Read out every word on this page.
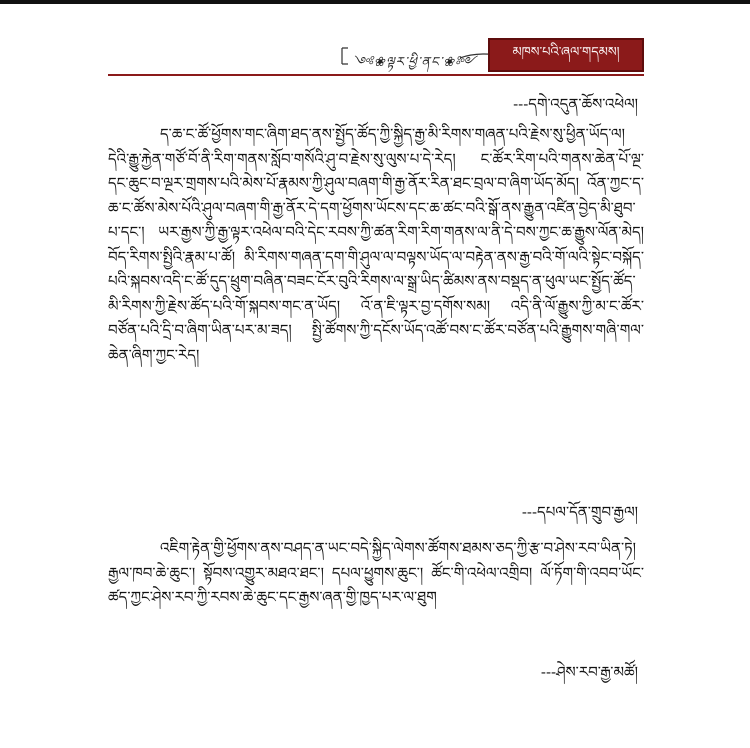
༺❀ལྟར་ཕྱི་ནང་❀༻
མཁས་པའི་ཞལ་གདམས།
---དགེ་འདུན་ཆོས་འཕེལ།
ད་ཆ་ང་ཚོ་ཕྱོགས་གང་ཞིག་ཐད་ནས་སྤྱོད་ཚོད་ཀྱི་སྐྱིད་རྒྱ་མི་རིགས་གཞན་པའི་རྗེས་སུ་ཕྱིན་ཡོད་ལ། དེའི་རྒྱུ་རྐྱེན་གཙོ་བོ་ནི་རིག་གནས་སློབ་གསོའི་ཤུ་བ་རྗེས་སུ་ལུས་པ་དེ་རེད། ང་ཚོར་རིག་པའི་གནས་ཆེན་པོ་ལྔ་དང་ཆུང་བ་ལྔར་གྲགས་པའི་མེས་པོ་རྣམས་ཀྱི་ཤུལ་བཞག་གི་རྒྱ་ནོར་རིན་ཐང་བྲལ་བ་ཞིག་ཡོད་མོད། འོན་ཀྱང་ད་ཆ་ང་ཚོས་མེས་པོའི་ཤུལ་བཞག་གི་རྒྱ་ནོར་དེ་དག་ཕྱོགས་ཡོངས་དང་ཆ་ཚང་བའི་སྒོ་ནས་རྒྱུན་འཛིན་བྱེད་མི་ཐུབ་པ་དང་། ཡར་རྒྱས་ཀྱི་རྒྱ་ལྟར་འཕེལ་བའི་དེང་རབས་ཀྱི་ཚན་རིག་རིག་གནས་ལ་ནི་དེ་བས་ཀྱང་ཆ་རྒྱུས་ལོན་མེད། བོད་རིགས་སྤྱིའི་རྣམ་པ་ཚོ། མི་རིགས་གཞན་དག་གི་ཤུལ་ལ་བལྟས་ཡོད་ལ་བརྟེན་ནས་རྒྱ་བའི་གོ་ལའི་སྟེང་བསྐོད་པའི་སྐབས་འདི་ང་ཚོ་དུད་ཕྲུག་བཞིན་བཟང་ངོར་བུའི་རིགས་ལ་སྒྲ་ཡིད་ཚིམས་ནས་བསྡད་ན་ཕུལ་ཡང་སྤྱོད་ཚོད་མི་རིགས་ཀྱི་རྗེས་ཚོད་པའི་གོ་སྐབས་གང་ན་ཡོད། འོ་ན་ཇི་ལྟར་བྱ་དགོས་སམ། འདི་ནི་ལོ་རྒྱུས་ཀྱི་མ་ང་ཚོར་བཙོན་པའི་དྲི་བ་ཞིག་ཡིན་པར་མ་ཟད། སྤྱི་ཚོགས་ཀྱི་དངོས་ཡོད་འཚོ་བས་ང་ཚོར་བཙོན་པའི་རྒྱུགས་གཞི་གལ་ཆེན་ཞིག་ཀྱང་རེད།
---དཔལ་དོན་གྲུབ་རྒྱལ།
འཇིག་རྟེན་གྱི་ཕྱོགས་ནས་བཤད་ན་ཡང་བདེ་སྐྱིད་ལེགས་ཚོགས་ཐམས་ཅད་ཀྱི་རྩ་བ་ཤེས་རབ་ཡིན་ཏེ། རྒྱལ་ཁབ་ཆེ་ཆུང་། སྟོབས་འགྱུར་མཐའ་ཐང་། དཔལ་ཕྱུགས་ཆུང་། ཚོང་གི་འཕེལ་འགྲིབ། ལོ་ཏོག་གི་འབབ་ཡོང་ཚད་ཀྱང་ཤེས་རབ་ཀྱི་རབས་ཆེ་ཆུང་དང་རྒྱས་ཞན་གྱི་ཁྱད་པར་ལ་ཐུག
---ཤེས་རབ་རྒྱ་མཚོ།
